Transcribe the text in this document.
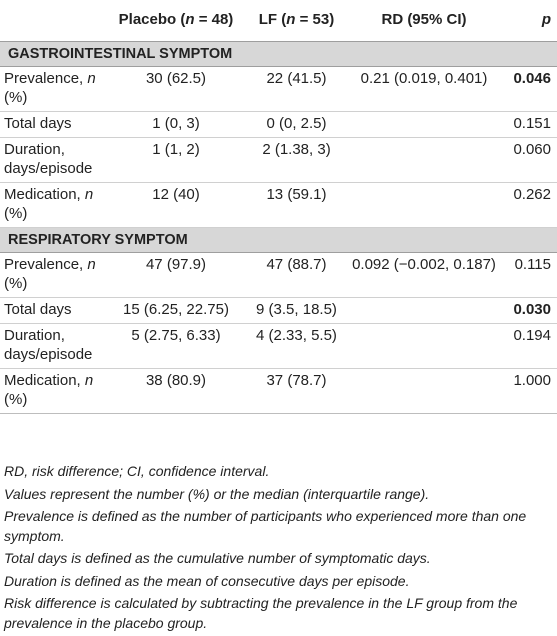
	Placebo (n = 48)	LF (n = 53)	RD (95% CI)	p
GASTROINTESTINAL SYMPTOM				
Prevalence, n (%)	30 (62.5)	22 (41.5)	0.21 (0.019, 0.401)	0.046
Total days	1 (0, 3)	0 (0, 2.5)		0.151
Duration, days/episode	1 (1, 2)	2 (1.38, 3)		0.060
Medication, n (%)	12 (40)	13 (59.1)		0.262
RESPIRATORY SYMPTOM				
Prevalence, n (%)	47 (97.9)	47 (88.7)	0.092 (−0.002, 0.187)	0.115
Total days	15 (6.25, 22.75)	9 (3.5, 18.5)		0.030
Duration, days/episode	5 (2.75, 6.33)	4 (2.33, 5.5)		0.194
Medication, n (%)	38 (80.9)	37 (78.7)		1.000

RD, risk difference; CI, confidence interval.

Values represent the number (%) or the median (interquartile range).

Prevalence is defined as the number of participants who experienced more than one symptom.

Total days is defined as the cumulative number of symptomatic days.

Duration is defined as the mean of consecutive days per episode.

Risk difference is calculated by subtracting the prevalence in the LF group from the prevalence in the placebo group.
